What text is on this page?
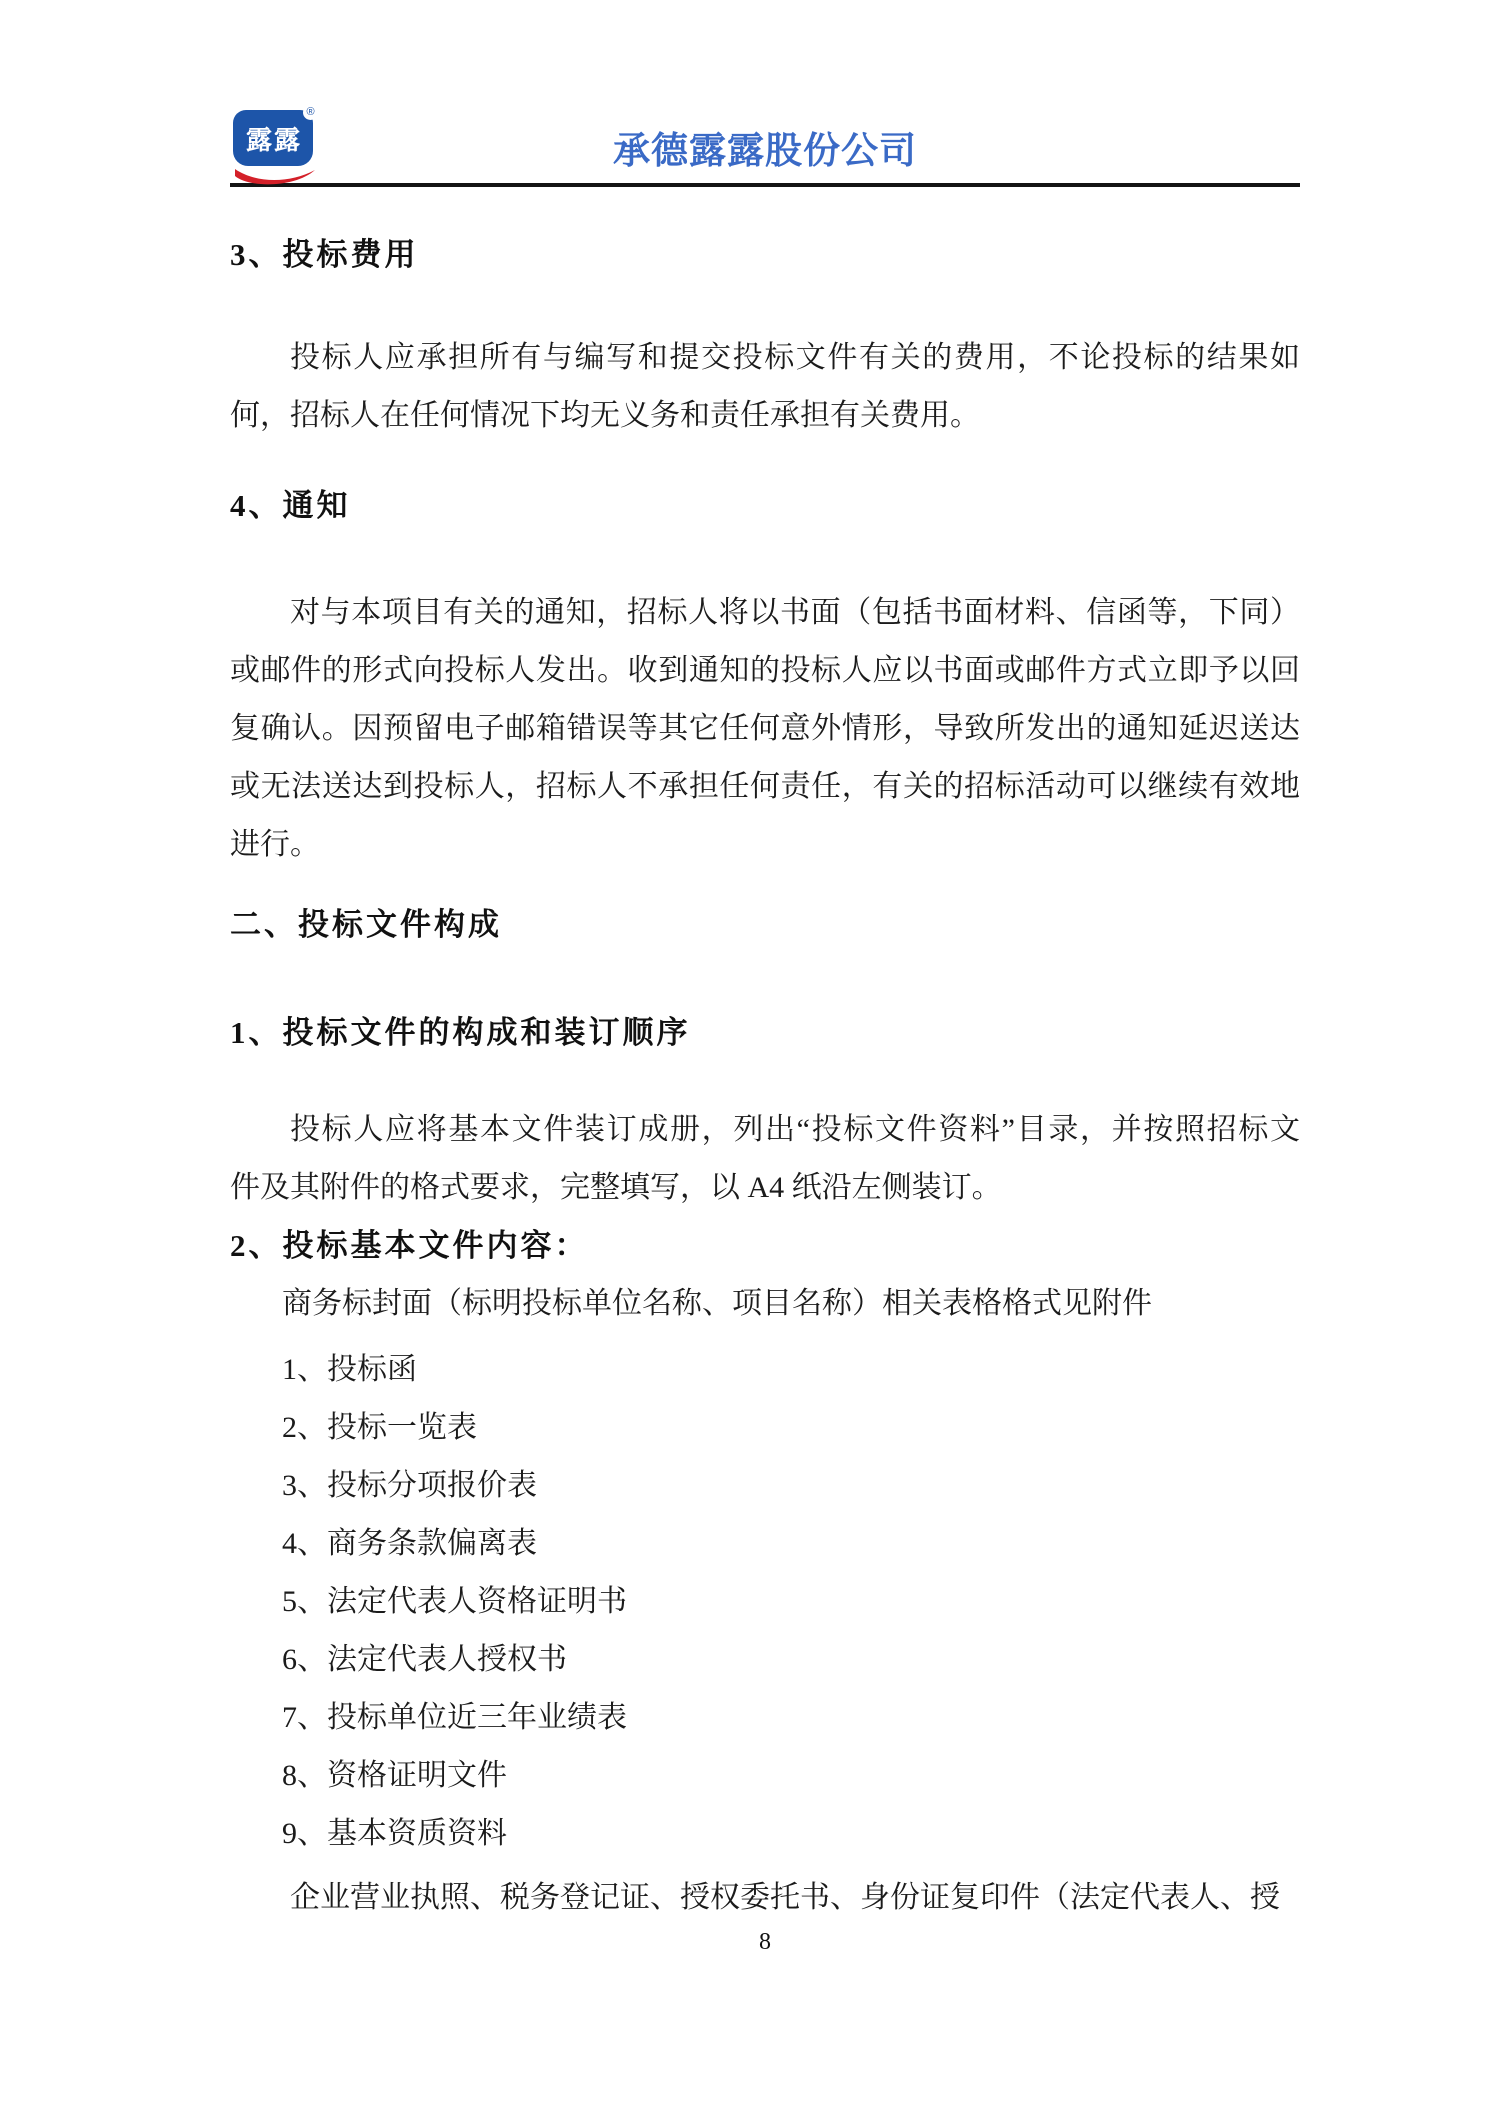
露露
®
承德露露股份公司
3、投标费用
投标人应承担所有与编写和提交投标文件有关的费用，不论投标的结果如
何，招标人在任何情况下均无义务和责任承担有关费用。
4、通知
对与本项目有关的通知，招标人将以书面（包括书面材料、信函等，下同）
或邮件的形式向投标人发出。收到通知的投标人应以书面或邮件方式立即予以回
复确认。因预留电子邮箱错误等其它任何意外情形，导致所发出的通知延迟送达
或无法送达到投标人，招标人不承担任何责任，有关的招标活动可以继续有效地
进行。
二、投标文件构成
1、投标文件的构成和装订顺序
投标人应将基本文件装订成册，列出“投标文件资料”目录，并按照招标文
件及其附件的格式要求，完整填写，以 A4 纸沿左侧装订。
2、投标基本文件内容：
商务标封面（标明投标单位名称、项目名称）相关表格格式见附件
1、投标函
2、投标一览表
3、投标分项报价表
4、商务条款偏离表
5、法定代表人资格证明书
6、法定代表人授权书
7、投标单位近三年业绩表
8、资格证明文件
9、基本资质资料
企业营业执照、税务登记证、授权委托书、身份证复印件（法定代表人、授
8
